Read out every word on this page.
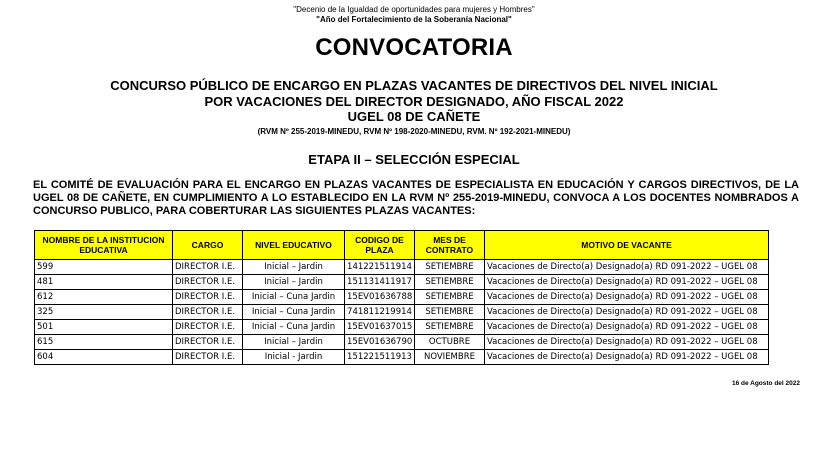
"Decenio de la Igualdad de oportunidades para mujeres y Hombres"
"Año del Fortalecimiento de la Soberanía Nacional"
CONVOCATORIA
CONCURSO PÚBLICO DE ENCARGO EN PLAZAS VACANTES DE DIRECTIVOS DEL NIVEL INICIAL
POR VACACIONES DEL DIRECTOR DESIGNADO, AÑO FISCAL 2022
UGEL 08 DE CAÑETE
(RVM Nº 255-2019-MINEDU, RVM Nº 198-2020-MINEDU, RVM. Nº 192-2021-MINEDU)
ETAPA II – SELECCIÓN ESPECIAL
EL COMITÉ DE EVALUACIÓN PARA EL ENCARGO EN PLAZAS VACANTES DE ESPECIALISTA EN EDUCACIÓN Y CARGOS DIRECTIVOS, DE LA UGEL 08 DE CAÑETE, EN CUMPLIMIENTO A LO ESTABLECIDO EN LA RVM Nº 255-2019-MINEDU, CONVOCA A LOS DOCENTES NOMBRADOS A CONCURSO PUBLICO, PARA COBERTURAR LAS SIGUIENTES PLAZAS VACANTES:
NOMBRE DE LA INSTITUCION EDUCATIVA	CARGO	NIVEL EDUCATIVO	CODIGO DE PLAZA	MES DE CONTRATO	MOTIVO DE VACANTE
599	DIRECTOR I.E.	Inicial – Jardin	141221511914	SETIEMBRE	Vacaciones de Directo(a) Designado(a) RD 091-2022 – UGEL 08
481	DIRECTOR I.E.	Inicial – Jardin	151131411917	SETIEMBRE	Vacaciones de Directo(a) Designado(a) RD 091-2022 – UGEL 08
612	DIRECTOR I.E.	Inicial – Cuna Jardin	15EV01636788	SETIEMBRE	Vacaciones de Directo(a) Designado(a) RD 091-2022 – UGEL 08
325	DIRECTOR I.E.	Inicial – Cuna Jardin	741811219914	SETIEMBRE	Vacaciones de Directo(a) Designado(a) RD 091-2022 – UGEL 08
501	DIRECTOR I.E.	Inicial – Cuna Jardin	15EV01637015	SETIEMBRE	Vacaciones de Directo(a) Designado(a) RD 091-2022 – UGEL 08
615	DIRECTOR I.E.	Inicial – Jardin	15EV01636790	OCTUBRE	Vacaciones de Directo(a) Designado(a) RD 091-2022 – UGEL 08
604	DIRECTOR I.E.	Inicial - Jardin	151221511913	NOVIEMBRE	Vacaciones de Directo(a) Designado(a) RD 091-2022 – UGEL 08
16 de Agosto del 2022
